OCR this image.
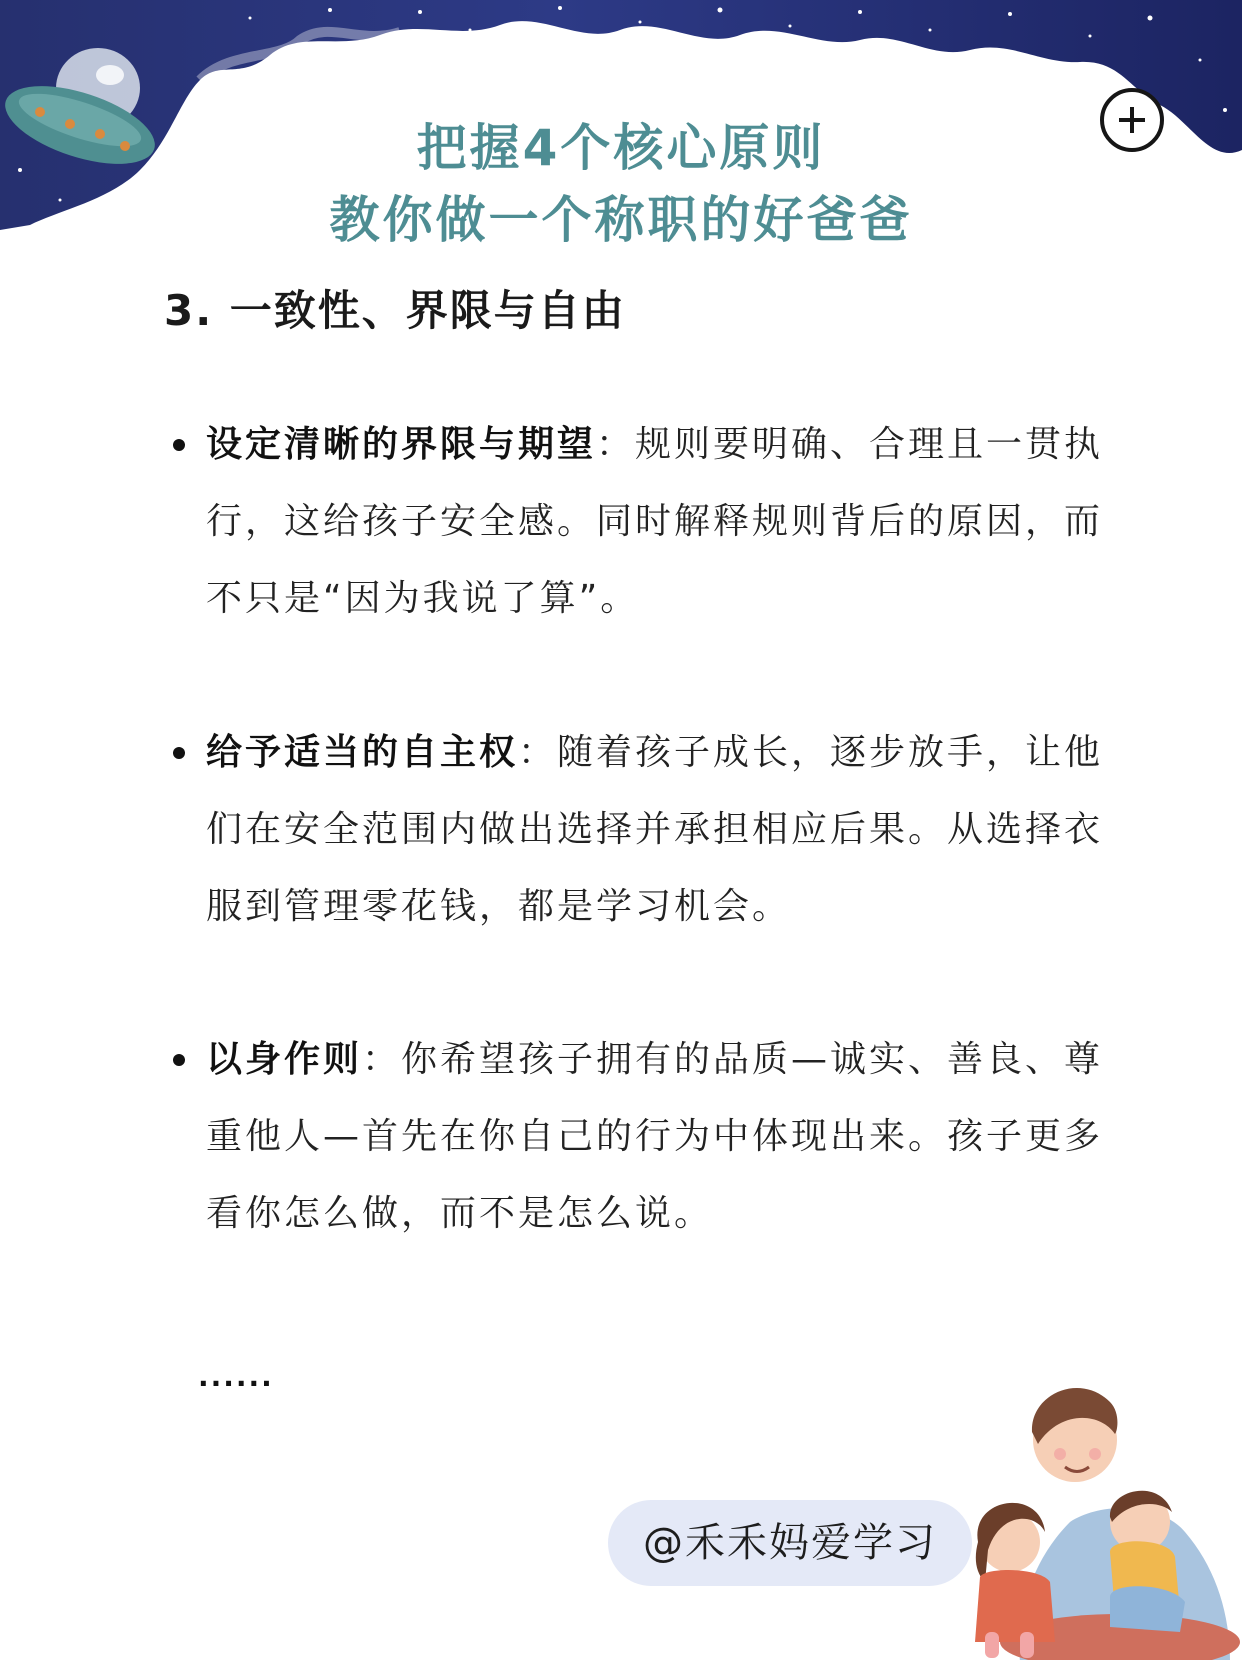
把握4个核心原则
教你做一个称职的好爸爸
3. 一致性、界限与自由
设定清晰的界限与期望：规则要明确、合理且一贯执行，这给孩子安全感。同时解释规则背后的原因，而不只是“因为我说了算”。
给予适当的自主权：随着孩子成长，逐步放手，让他们在安全范围内做出选择并承担相应后果。从选择衣服到管理零花钱，都是学习机会。
以身作则：你希望孩子拥有的品质—诚实、善良、尊重他人—首先在你自己的行为中体现出来。孩子更多看你怎么做，而不是怎么说。
......
@禾禾妈爱学习
